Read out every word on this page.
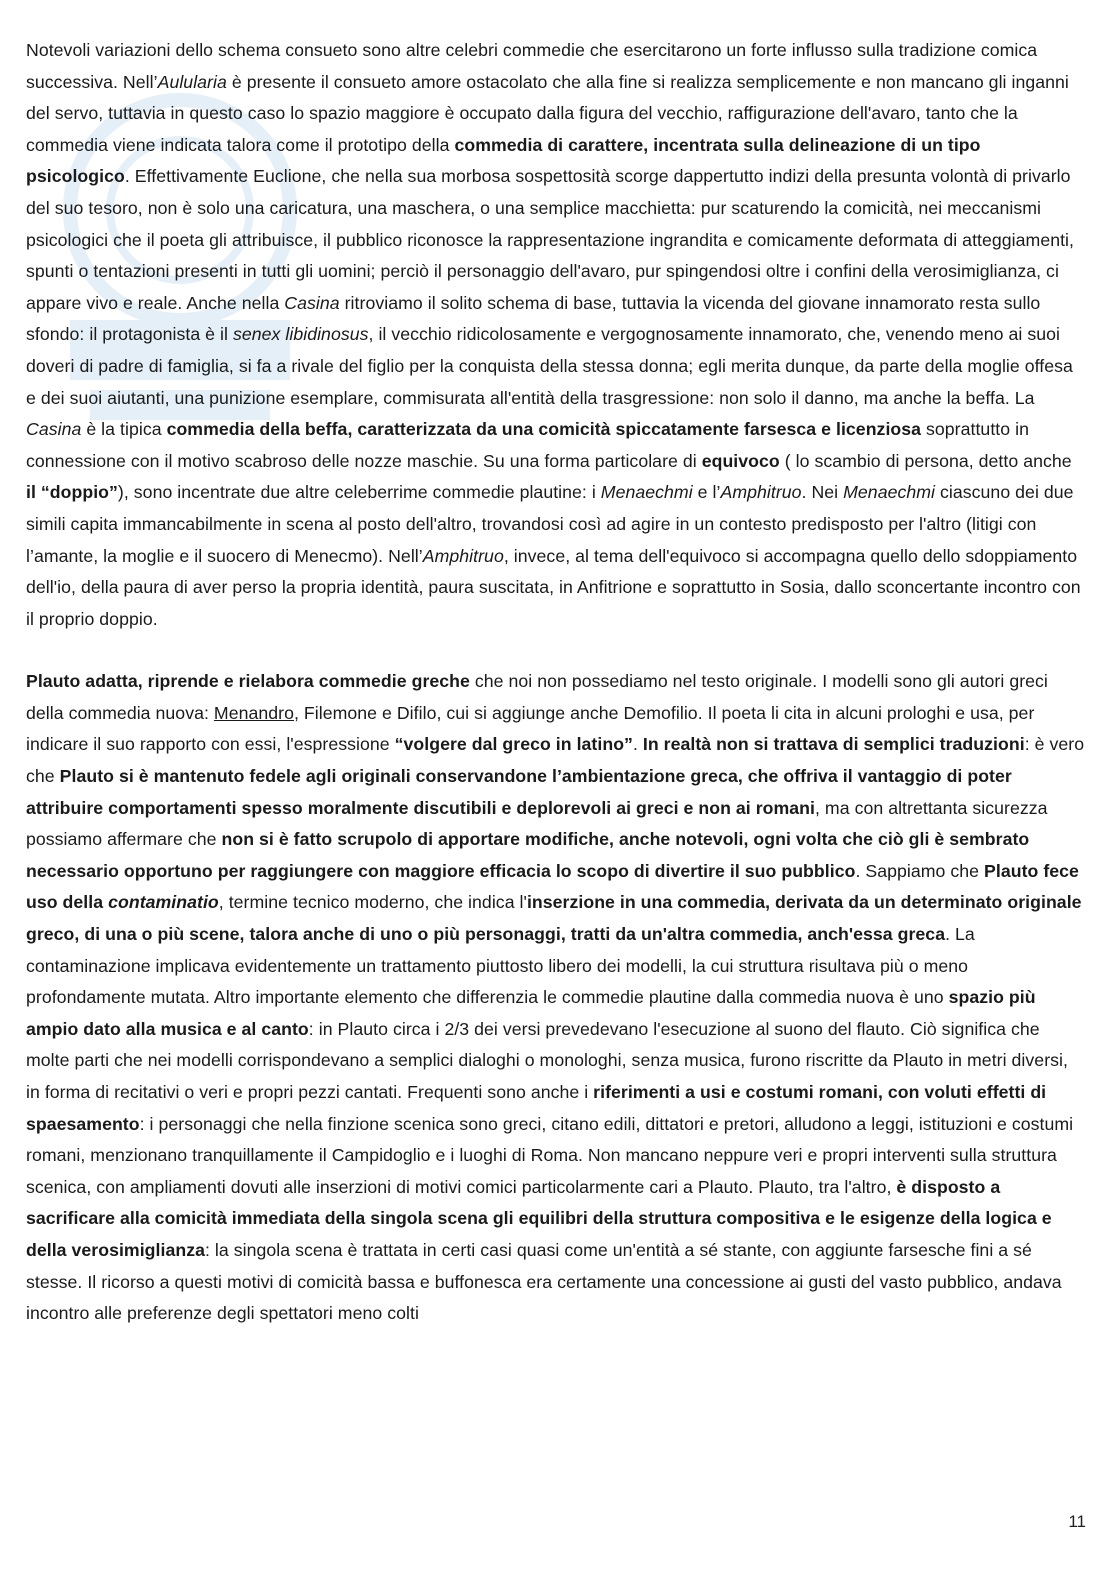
Notevoli variazioni dello schema consueto sono altre celebri commedie che esercitarono un forte influsso sulla tradizione comica successiva. Nell’Aulularia è presente il consueto amore ostacolato che alla fine si realizza semplicemente e non mancano gli inganni del servo, tuttavia in questo caso lo spazio maggiore è occupato dalla figura del vecchio, raffigurazione dell'avaro, tanto che la commedia viene indicata talora come il prototipo della commedia di carattere, incentrata sulla delineazione di un tipo psicologico. Effettivamente Euclione, che nella sua morbosa sospettosità scorge dappertutto indizi della presunta volontà di privarlo del suo tesoro, non è solo una caricatura, una maschera, o una semplice macchietta: pur scaturendo la comicità, nei meccanismi psicologici che il poeta gli attribuisce, il pubblico riconosce la rappresentazione ingrandita e comicamente deformata di atteggiamenti, spunti o tentazioni presenti in tutti gli uomini; perciò il personaggio dell'avaro, pur spingendosi oltre i confini della verosimiglianza, ci appare vivo e reale. Anche nella Casina ritroviamo il solito schema di base, tuttavia la vicenda del giovane innamorato resta sullo sfondo: il protagonista è il senex libidinosus, il vecchio ridicolosamente e vergognosamente innamorato, che, venendo meno ai suoi doveri di padre di famiglia, si fa a rivale del figlio per la conquista della stessa donna; egli merita dunque, da parte della moglie offesa e dei suoi aiutanti, una punizione esemplare, commisurata all'entità della trasgressione: non solo il danno, ma anche la beffa. La Casina è la tipica commedia della beffa, caratterizzata da una comicità spiccatamente farsesca e licenziosa soprattutto in connessione con il motivo scabroso delle nozze maschie. Su una forma particolare di equivoco ( lo scambio di persona, detto anche il “doppio”), sono incentrate due altre celeberrime commedie plautine: i Menaechmi e l’Amphitruo. Nei Menaechmi ciascuno dei due simili capita immancabilmente in scena al posto dell'altro, trovandosi così ad agire in un contesto predisposto per l'altro (litigi con l’amante, la moglie e il suocero di Menecmo). Nell’Amphitruo, invece, al tema dell'equivoco si accompagna quello dello sdoppiamento dell'io, della paura di aver perso la propria identità, paura suscitata, in Anfitrione e soprattutto in Sosia, dallo sconcertante incontro con il proprio doppio.

Plauto adatta, riprende e rielabora commedie greche che noi non possediamo nel testo originale. I modelli sono gli autori greci della commedia nuova: Menandro, Filemone e Difilo, cui si aggiunge anche Demofilio. Il poeta li cita in alcuni prologhi e usa, per indicare il suo rapporto con essi, l'espressione “volgere dal greco in latino”. In realtà non si trattava di semplici traduzioni: è vero che Plauto si è mantenuto fedele agli originali conservandone l’ambientazione greca, che offriva il vantaggio di poter attribuire comportamenti spesso moralmente discutibili e deplorevoli ai greci e non ai romani, ma con altrettanta sicurezza possiamo affermare che non si è fatto scrupolo di apportare modifiche, anche notevoli, ogni volta che ciò gli è sembrato necessario opportuno per raggiungere con maggiore efficacia lo scopo di divertire il suo pubblico. Sappiamo che Plauto fece uso della contaminatio, termine tecnico moderno, che indica l'inserzione in una commedia, derivata da un determinato originale greco, di una o più scene, talora anche di uno o più personaggi, tratti da un'altra commedia, anch'essa greca. La contaminazione implicava evidentemente un trattamento piuttosto libero dei modelli, la cui struttura risultava più o meno profondamente mutata. Altro importante elemento che differenzia le commedie plautine dalla commedia nuova è uno spazio più ampio dato alla musica e al canto: in Plauto circa i 2/3 dei versi prevedevano l'esecuzione al suono del flauto. Ciò significa che molte parti che nei modelli corrispondevano a semplici dialoghi o monologhi, senza musica, furono riscritte da Plauto in metri diversi, in forma di recitativi o veri e propri pezzi cantati. Frequenti sono anche i riferimenti a usi e costumi romani, con voluti effetti di spaesamento: i personaggi che nella finzione scenica sono greci, citano edili, dittatori e pretori, alludono a leggi, istituzioni e costumi romani, menzionano tranquillamente il Campidoglio e i luoghi di Roma. Non mancano neppure veri e propri interventi sulla struttura scenica, con ampliamenti dovuti alle inserzioni di motivi comici particolarmente cari a Plauto. Plauto, tra l'altro, è disposto a sacrificare alla comicità immediata della singola scena gli equilibri della struttura compositiva e le esigenze della logica e della verosimiglianza: la singola scena è trattata in certi casi quasi come un'entità a sé stante, con aggiunte farsesche fini a sé stesse. Il ricorso a questi motivi di comicità bassa e buffonesca era certamente una concessione ai gusti del vasto pubblico, andava incontro alle preferenze degli spettatori meno colti

11
